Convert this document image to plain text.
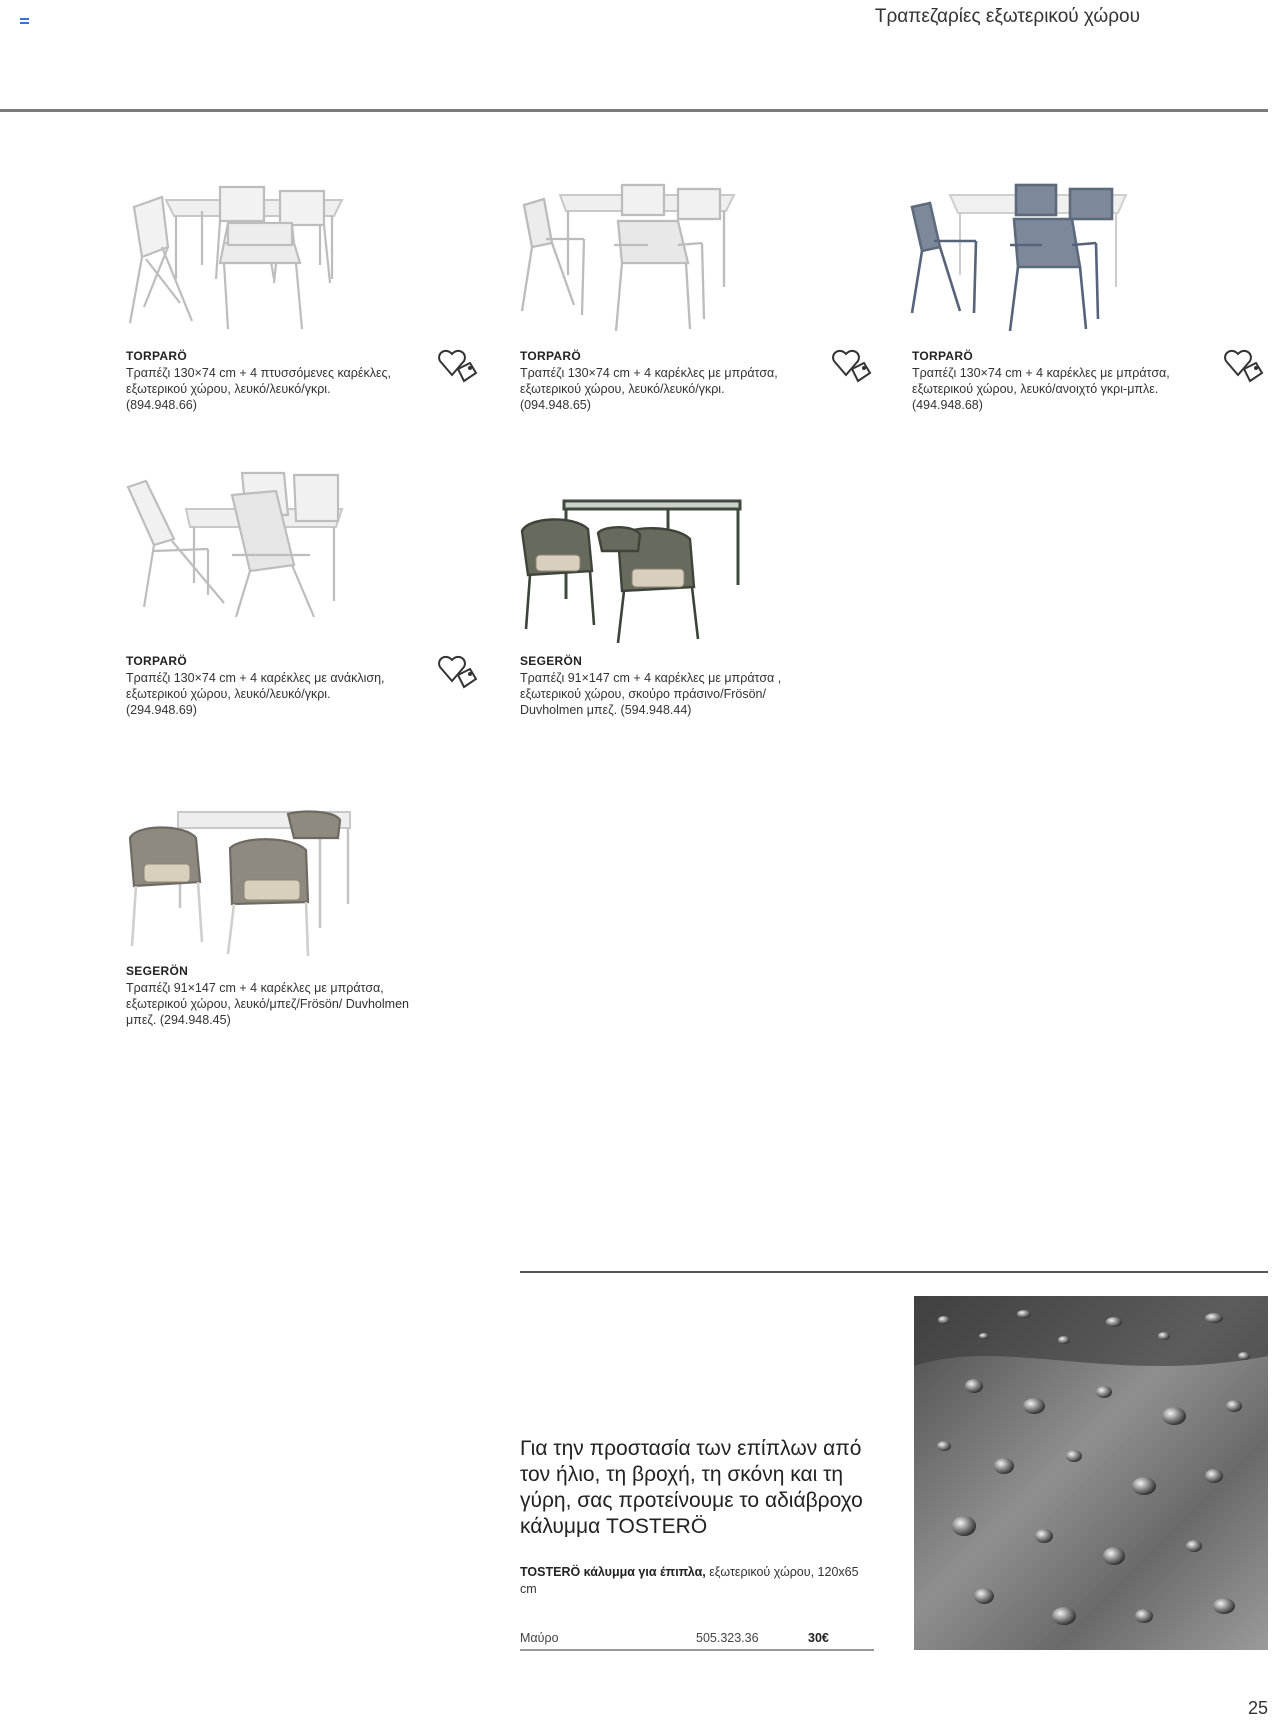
Τραπεζαρίες εξωτερικού χώρου
TORPARÖ
Τραπέζι 130×74 cm + 4 πτυσσόμενες καρέκλες, εξωτερικού χώρου, λευκό/λευκό/γκρι.
(894.948.66)
TORPARÖ
Τραπέζι 130×74 cm + 4 καρέκλες με μπράτσα, εξωτερικού χώρου, λευκό/λευκό/γκρι.
(094.948.65)
TORPARÖ
Τραπέζι 130×74 cm + 4 καρέκλες με μπράτσα, εξωτερικού χώρου, λευκό/ανοιχτό γκρι-μπλε.
(494.948.68)
TORPARÖ
Τραπέζι 130×74 cm + 4 καρέκλες με ανάκλιση, εξωτερικού χώρου, λευκό/λευκό/γκρι.
(294.948.69)
SEGERÖN
Τραπέζι 91×147 cm + 4 καρέκλες με μπράτσα , εξωτερικού χώρου, σκούρο πράσινο/Frösön/ Duvholmen μπεζ. (594.948.44)
SEGERÖN
Τραπέζι 91×147 cm + 4 καρέκλες με μπράτσα, εξωτερικού χώρου, λευκό/μπεζ/Frösön/ Duvholmen μπεζ. (294.948.45)
Για την προστασία των επίπλων από τον ήλιο, τη βροχή, τη σκόνη και τη γύρη, σας προτείνουμε το αδιάβροχο κάλυμμα TOSTERÖ
TOSTERÖ κάλυμμα για έπιπλα, εξωτερικού χώρου, 120x65 cm
Μαύρο	505.323.36	30€
25
